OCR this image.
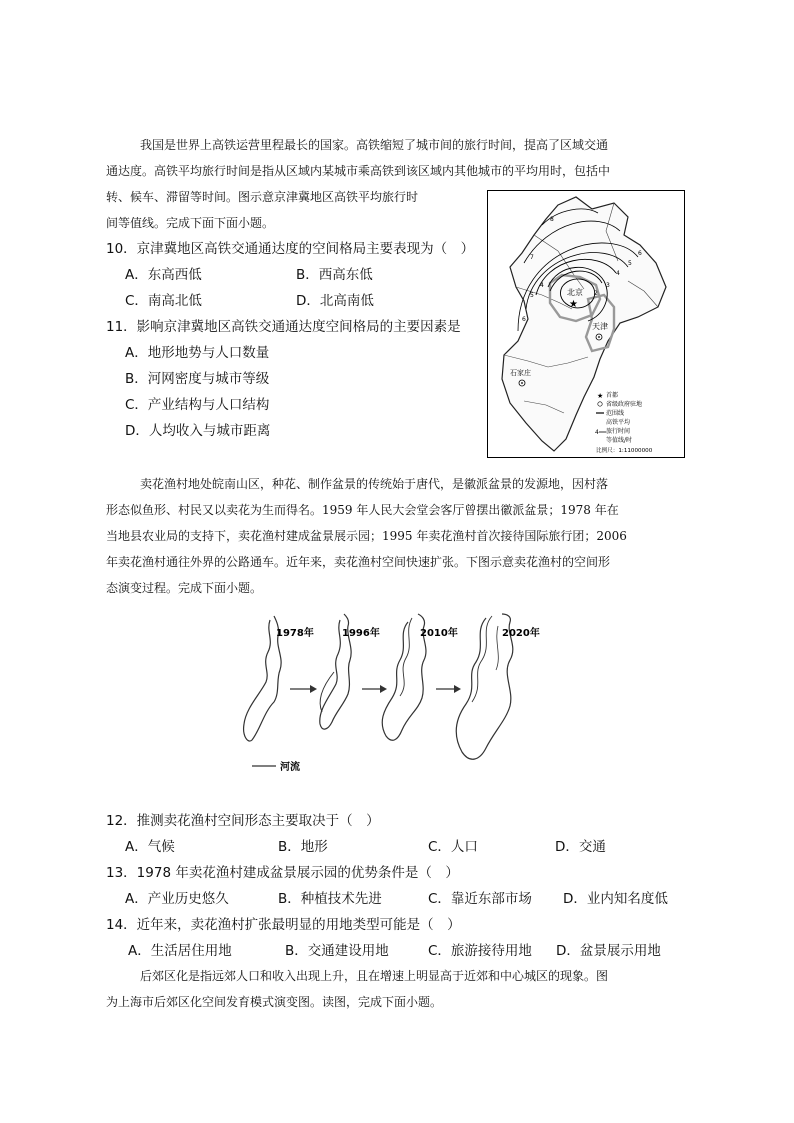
我国是世界上高铁运营里程最长的国家。高铁缩短了城市间的旅行时间，提高了区域交通
通达度。高铁平均旅行时间是指从区域内某城市乘高铁到该区域内其他城市的平均用时，包括中
转、候车、滞留等时间。图示意京津冀地区高铁平均旅行时
间等值线。完成下面下面小题。
10．京津冀地区高铁交通通达度的空间格局主要表现为（　）
A．东高西低	B．西高东低
C．南高北低	D．北高南低
11．影响京津冀地区高铁交通通达度空间格局的主要因素是
A．地形地势与人口数量
B．河网密度与城市等级
C．产业结构与人口结构
D．人均收入与城市距离
2
3
4
4
5
5
6
6
7
8
★
北京
天津
石家庄
★ 首都
省级政府驻地
范围线
高铁平均
4 旅行时间
等值线/时
比例尺：1:11000000
卖花渔村地处皖南山区，种花、制作盆景的传统始于唐代，是徽派盆景的发源地，因村落
形态似鱼形、村民又以卖花为生而得名。1959 年人民大会堂会客厅曾摆出徽派盆景；1978 年在
当地县农业局的支持下，卖花渔村建成盆景展示园；1995 年卖花渔村首次接待国际旅行团；2006
年卖花渔村通往外界的公路通车。近年来，卖花渔村空间快速扩张。下图示意卖花渔村的空间形
态演变过程。完成下面小题。
1978年	1996年	2010年	2020年
河流
12．推测卖花渔村空间形态主要取决于（　）
A．气候	B．地形	C．人口	D．交通
13．1978 年卖花渔村建成盆景展示园的优势条件是（　）
A．产业历史悠久	B．种植技术先进	C．靠近东部市场 D．业内知名度低
14．近年来，卖花渔村扩张最明显的用地类型可能是（　）
A．生活居住用地	B．交通建设用地	C．旅游接待用地 D．盆景展示用地
后郊区化是指远郊人口和收入出现上升，且在增速上明显高于近郊和中心城区的现象。图
为上海市后郊区化空间发育模式演变图。读图，完成下面小题。
